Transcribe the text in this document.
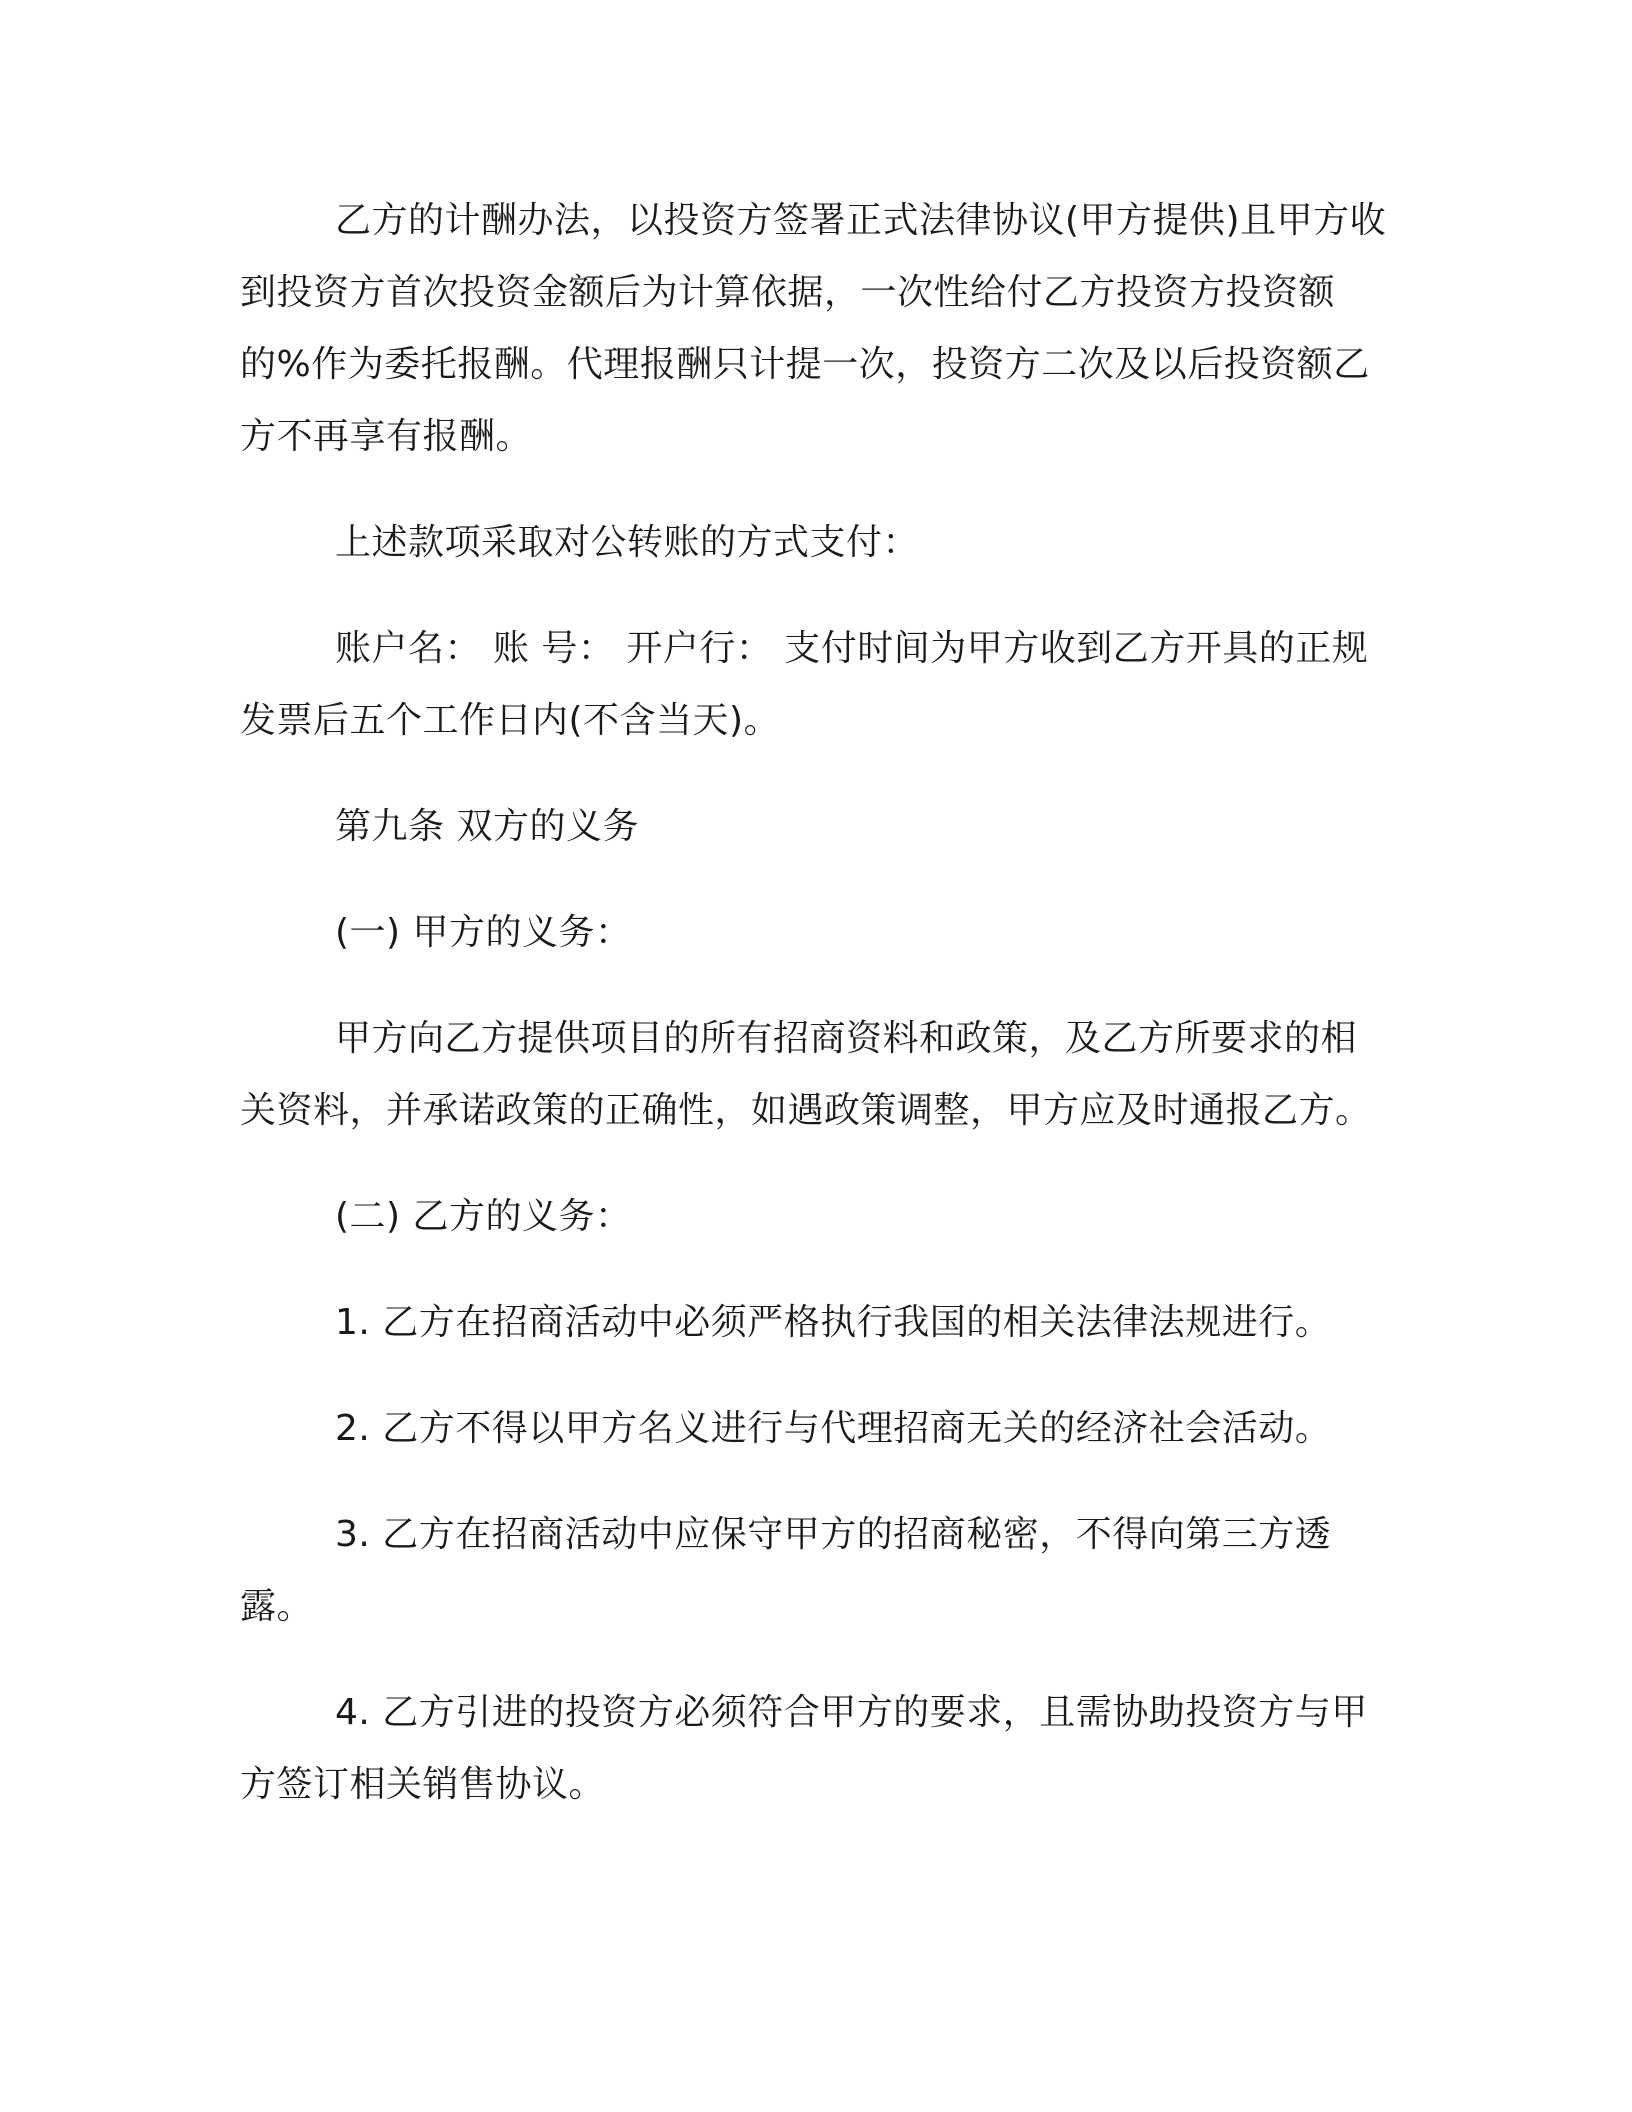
乙方的计酬办法，以投资方签署正式法律协议(甲方提供)且甲方收到投资方首次投资金额后为计算依据，一次性给付乙方投资方投资额的%作为委托报酬。代理报酬只计提一次，投资方二次及以后投资额乙方不再享有报酬。

上述款项采取对公转账的方式支付：

账户名： 账 号： 开户行： 支付时间为甲方收到乙方开具的正规发票后五个工作日内(不含当天)。

第九条 双方的义务

(一) 甲方的义务：

甲方向乙方提供项目的所有招商资料和政策，及乙方所要求的相关资料，并承诺政策的正确性，如遇政策调整，甲方应及时通报乙方。

(二) 乙方的义务：

1. 乙方在招商活动中必须严格执行我国的相关法律法规进行。

2. 乙方不得以甲方名义进行与代理招商无关的经济社会活动。

3. 乙方在招商活动中应保守甲方的招商秘密，不得向第三方透露。

4. 乙方引进的投资方必须符合甲方的要求，且需协助投资方与甲方签订相关销售协议。
